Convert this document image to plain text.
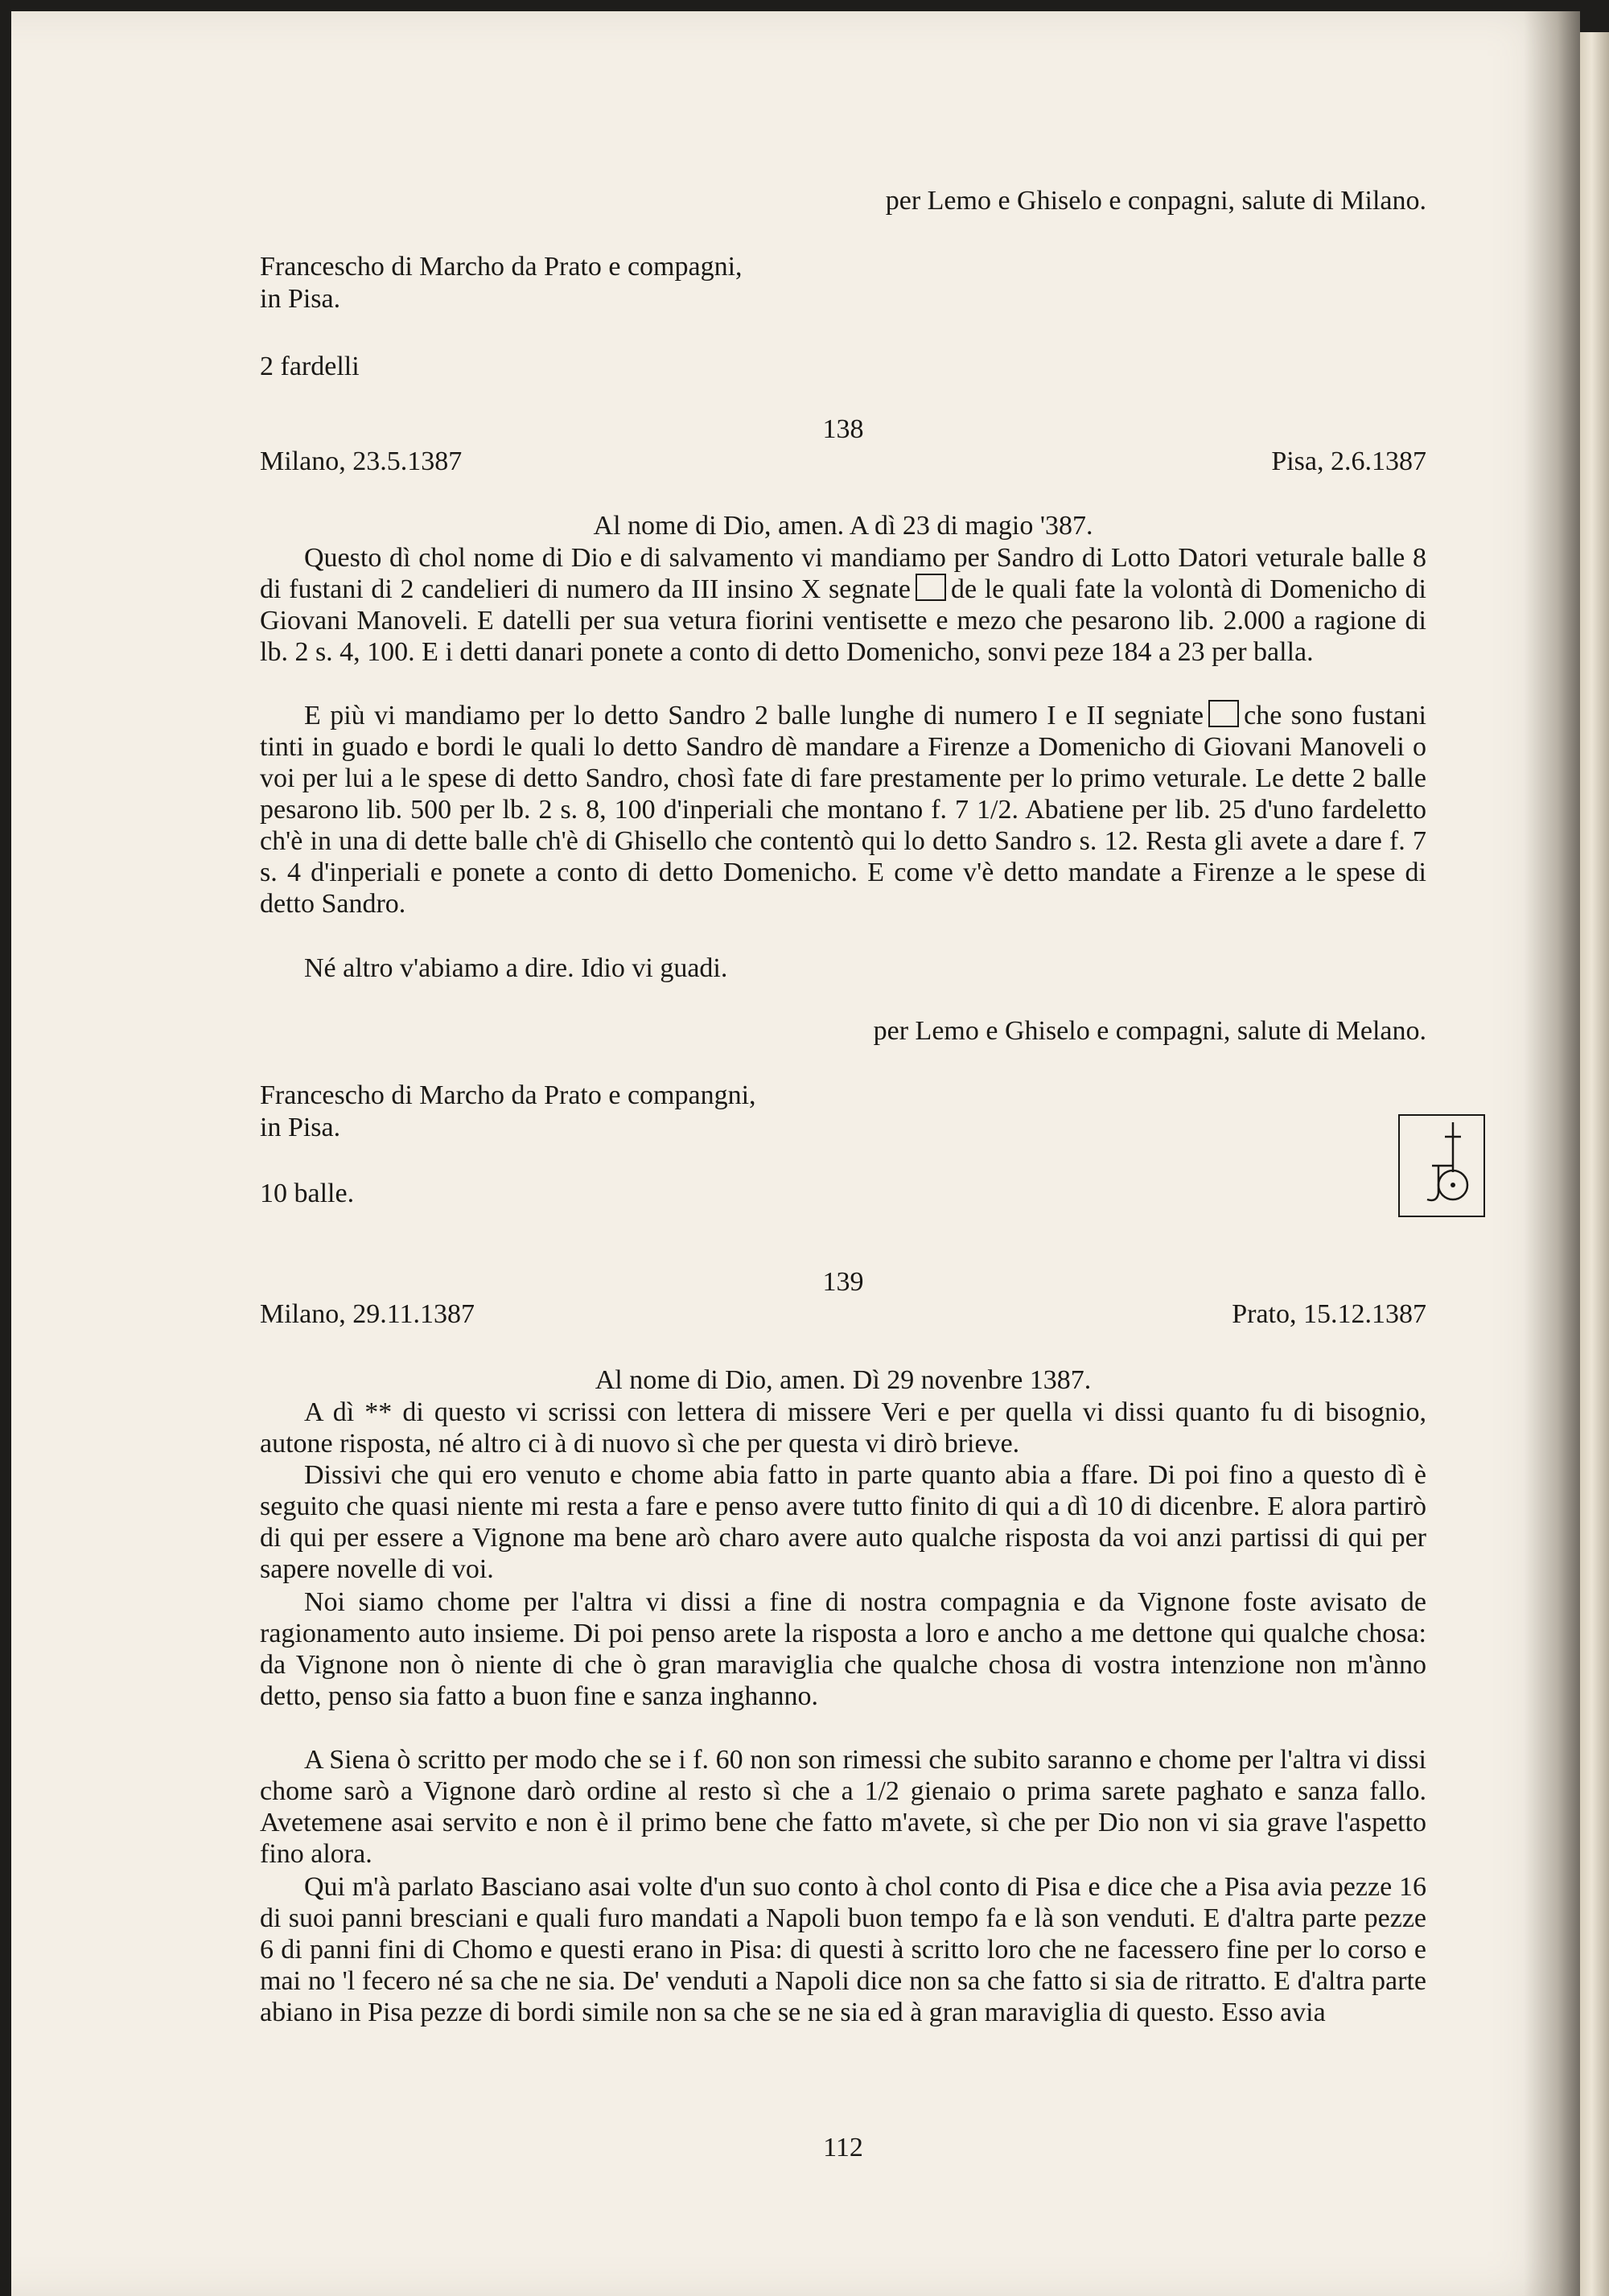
per Lemo e Ghiselo e conpagni, salute di Milano.
Francescho di Marcho da Prato e compagni,
in Pisa.
2 fardelli
138
Milano, 23.5.1387	Pisa, 2.6.1387
Al nome di Dio, amen. A dì 23 di magio '387.
Questo dì chol nome di Dio e di salvamento vi mandiamo per Sandro di Lotto Datori veturale balle 8 di fustani di 2 candelieri di numero da III insino X segnate de le quali fate la volontà di Domenicho di Giovani Manoveli. E datelli per sua vetura fiorini ventisette e mezo che pesarono lib. 2.000 a ragione di lb. 2 s. 4, 100. E i detti danari ponete a conto di detto Domenicho, sonvi peze 184 a 23 per balla.
E più vi mandiamo per lo detto Sandro 2 balle lunghe di numero I e II segniate che sono fustani tinti in guado e bordi le quali lo detto Sandro dè mandare a Firenze a Domenicho di Giovani Manoveli o voi per lui a le spese di detto Sandro, chosì fate di fare prestamente per lo primo veturale. Le dette 2 balle pesarono lib. 500 per lb. 2 s. 8, 100 d'inperiali che montano f. 7 1/2. Abatiene per lib. 25 d'uno fardeletto ch'è in una di dette balle ch'è di Ghisello che contentò qui lo detto Sandro s. 12. Resta gli avete a dare f. 7 s. 4 d'inperiali e ponete a conto di detto Domenicho. E come v'è detto mandate a Firenze a le spese di detto Sandro.
Né altro v'abiamo a dire. Idio vi guadi.
per Lemo e Ghiselo e compagni, salute di Melano.
Francescho di Marcho da Prato e compangni,
in Pisa.
10 balle.
139
Milano, 29.11.1387	Prato, 15.12.1387
Al nome di Dio, amen. Dì 29 novenbre 1387.
A dì ** di questo vi scrissi con lettera di missere Veri e per quella vi dissi quanto fu di bisognio, autone risposta, né altro ci à di nuovo sì che per questa vi dirò brieve.
Dissivi che qui ero venuto e chome abia fatto in parte quanto abia a ffare. Di poi fino a questo dì è seguito che quasi niente mi resta a fare e penso avere tutto finito di qui a dì 10 di dicenbre. E alora partirò di qui per essere a Vignone ma bene arò charo avere auto qualche risposta da voi anzi partissi di qui per sapere novelle di voi.
Noi siamo chome per l'altra vi dissi a fine di nostra compagnia e da Vignone foste avisato de ragionamento auto insieme. Di poi penso arete la risposta a loro e ancho a me dettone qui qualche chosa: da Vignone non ò niente di che ò gran maraviglia che qualche chosa di vostra intenzione non m'ànno detto, penso sia fatto a buon fine e sanza inghanno.
A Siena ò scritto per modo che se i f. 60 non son rimessi che subito saranno e chome per l'altra vi dissi chome sarò a Vignone darò ordine al resto sì che a 1/2 gienaio o prima sarete paghato e sanza fallo. Avetemene asai servito e non è il primo bene che fatto m'avete, sì che per Dio non vi sia grave l'aspetto fino alora.
Qui m'à parlato Basciano asai volte d'un suo conto à chol conto di Pisa e dice che a Pisa avia pezze 16 di suoi panni bresciani e quali furo mandati a Napoli buon tempo fa e là son venduti. E d'altra parte pezze 6 di panni fini di Chomo e questi erano in Pisa: di questi à scritto loro che ne facessero fine per lo corso e mai no 'l fecero né sa che ne sia. De' venduti a Napoli dice non sa che fatto si sia de ritratto. E d'altra parte abiano in Pisa pezze di bordi simile non sa che se ne sia ed à gran maraviglia di questo. Esso avia
112
